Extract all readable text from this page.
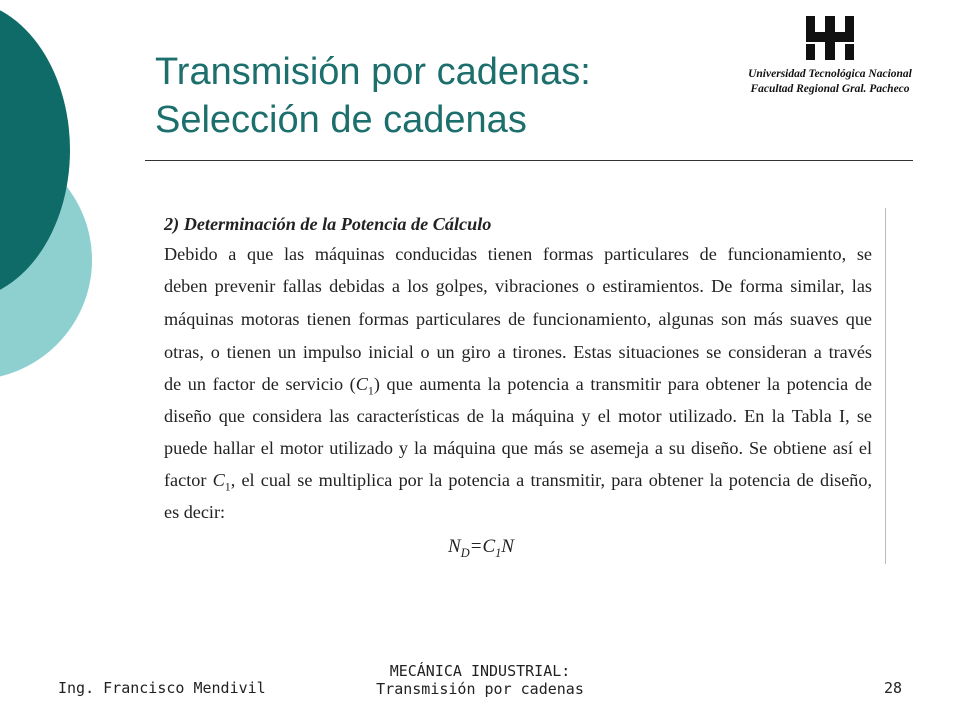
Transmisión por cadenas:
Selección de cadenas
Universidad Tecnológica Nacional
Facultad Regional Gral. Pacheco
2) Determinación de la Potencia de Cálculo
Debido a que las máquinas conducidas tienen formas particulares de funcionamiento, se
deben prevenir fallas debidas a los golpes, vibraciones o estiramientos. De forma similar, las
máquinas motoras tienen formas particulares de funcionamiento, algunas son más suaves que
otras, o tienen un impulso inicial o un giro a tirones. Estas situaciones se consideran a través
de un factor de servicio $(C_1)$ que aumenta la potencia a transmitir para obtener la potencia de
diseño que considera las características de la máquina y el motor utilizado. En la Tabla I, se
puede hallar el motor utilizado y la máquina que más se asemeja a su diseño. Se obtiene así el
factor $C_1$, el cual se multiplica por la potencia a transmitir, para obtener la potencia de diseño,
es decir:
$N_D=C_1N$
Ing. Francisco Mendivil
MECÁNICA INDUSTRIAL:
Transmisión por cadenas	28
